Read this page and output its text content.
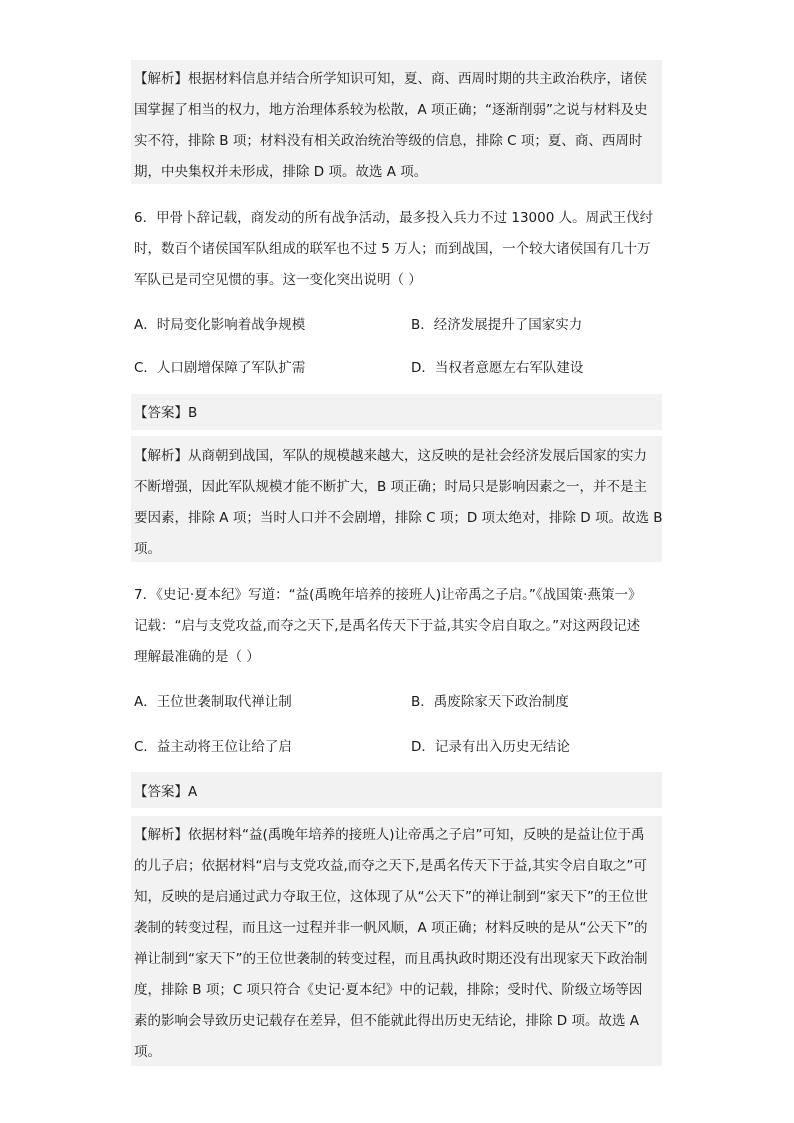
【解析】根据材料信息并结合所学知识可知，夏、商、西周时期的共主政治秩序，诸侯
国掌握了相当的权力，地方治理体系较为松散，A 项正确；“逐渐削弱”之说与材料及史
实不符，排除 B 项；材料没有相关政治统治等级的信息，排除 C 项；夏、商、西周时
期，中央集权并未形成，排除 D 项。故选 A 项。
6．甲骨卜辞记载，商发动的所有战争活动，最多投入兵力不过 13000 人。周武王伐纣
时，数百个诸侯国军队组成的联军也不过 5 万人；而到战国，一个较大诸侯国有几十万
军队已是司空见惯的事。这一变化突出说明（ ）
A．时局变化影响着战争规模	B．经济发展提升了国家实力
C．人口剧增保障了军队扩需	D．当权者意愿左右军队建设
【答案】B
【解析】从商朝到战国，军队的规模越来越大，这反映的是社会经济发展后国家的实力
不断增强，因此军队规模才能不断扩大，B 项正确；时局只是影响因素之一，并不是主
要因素，排除 A 项；当时人口并不会剧增，排除 C 项；D 项太绝对，排除 D 项。故选 B
项。
7．《史记·夏本纪》写道：“益(禹晚年培养的接班人)让帝禹之子启。”《战国策·燕策一》
记载：“启与支党攻益,而夺之天下,是禹名传天下于益,其实令启自取之。”对这两段记述
理解最准确的是（ ）
A．王位世袭制取代禅让制	B．禹废除家天下政治制度
C．益主动将王位让给了启	D．记录有出入历史无结论
【答案】A
【解析】依据材料“益(禹晚年培养的接班人)让帝禹之子启”可知，反映的是益让位于禹
的儿子启；依据材料“启与支党攻益,而夺之天下,是禹名传天下于益,其实令启自取之”可
知，反映的是启通过武力夺取王位，这体现了从“公天下”的禅让制到“家天下”的王位世
袭制的转变过程，而且这一过程并非一帆风顺，A 项正确；材料反映的是从“公天下”的
禅让制到“家天下”的王位世袭制的转变过程，而且禹执政时期还没有出现家天下政治制
度，排除 B 项；C 项只符合《史记·夏本纪》中的记载，排除；受时代、阶级立场等因
素的影响会导致历史记载存在差异，但不能就此得出历史无结论，排除 D 项。故选 A
项。
